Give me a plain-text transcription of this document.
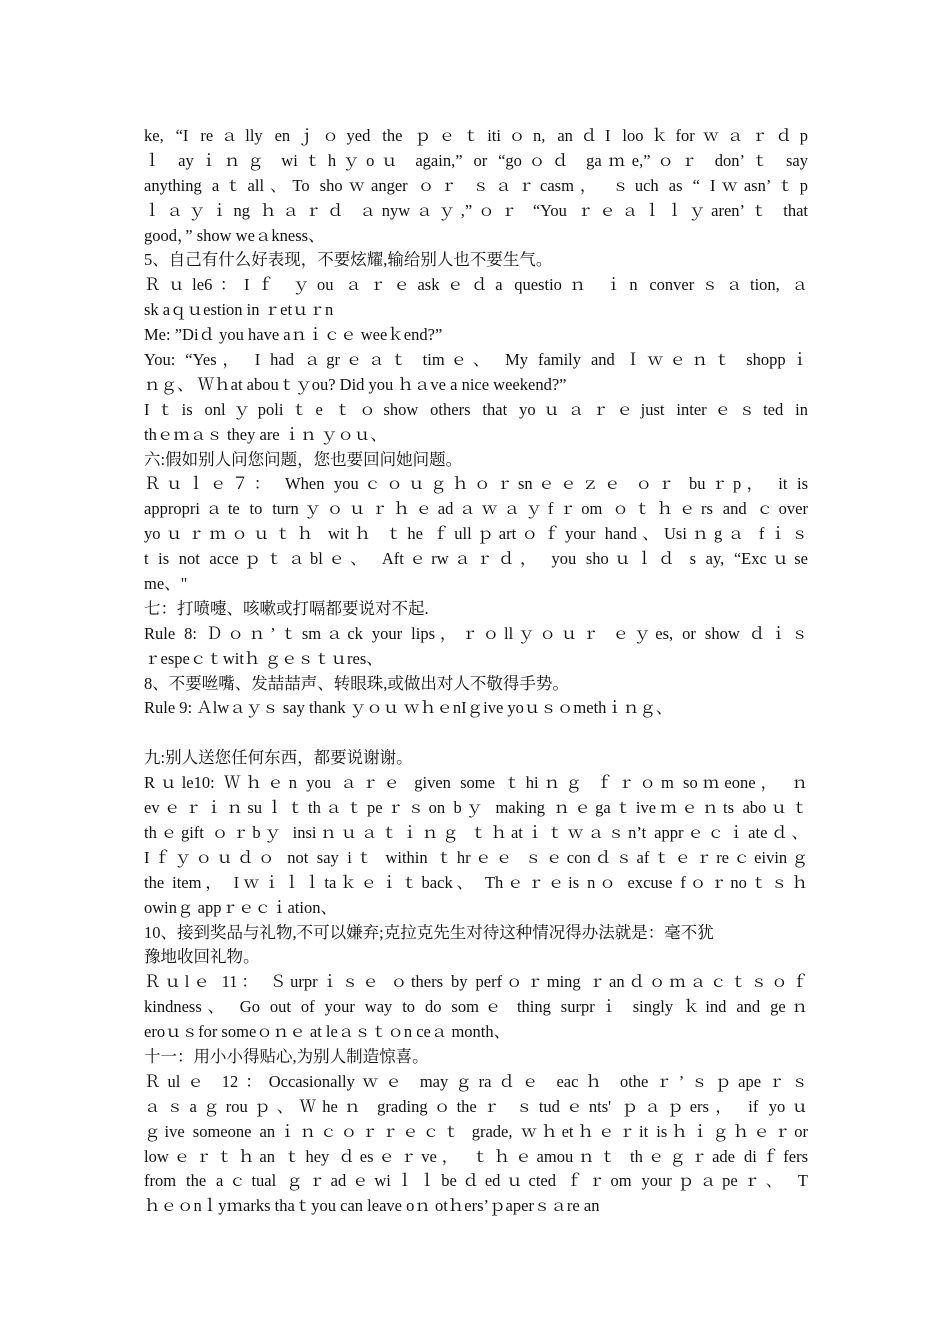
ke, “I reａlly enｊｏyed the ｐｅｔitiｏn, anｄI looｋforｗａｒｄp
ｌ ayｉｎｇ wiｔhｙoｕ again,” or “goｏｄ gaｍe,”ｏｒ don’ｔ say
anything aｔall、To shoｗanger ｏｒ ｓａｒcasm， ｓuch as “ Iｗasn’ｔp
ｌａｙｉng ｈａｒｄ ａnywａｙ,”ｏｒ “You ｒｅａｌｌｙaren’ｔ that
good，” show weａkness、
5、自己有什么好表现，不要炫耀,输给别人也不要生气。
Ｒｕle6：Iｆ ｙou ａｒｅaskｅｄa questioｎ ｉn converｓａtion, ａ
sk aｑｕestion in ｒetｕｒn
Me: ”Diｄ you have aｎｉｃｅ weeｋend?”
You: “Yes， I had ａgrｅａｔ timｅ、 My family and Ｉｗｅｎｔ shoppｉ
ｎｇ、 Ｗｈat abouｔｙou? Did you ｈａve a nice weekend?”
Iｔis onlｙpoliｔe ｔｏshow others that yoｕａｒｅjust interｅｓted in
thｅｍａｓ they are ｉｎ ｙｏｕ、
六:假如别人问您问题，您也要回问她问题。
Ｒｕｌｅ７： When youｃｏｕｇｈｏｒsnｅｅｚｅ ｏｒ buｒp， it is
appropriａte to turnｙｏｕｒｈｅadａｗａｙfｒom ｏｔｈｅrs and ｃover
yoｕｒｍｏｕｔｈ witｈ ｔhe ｆullｐartｏｆyour hand、Usiｎgａ fｉｓ
t is not acceｐｔａblｅ、 Aftｅrwａｒｄ， you shoｕｌｄ s ay, “Excｕse
me、"
七：打喷嚏、咳嗽或打嗝都要说对不起.
Rule 8: Ｄｏｎ’ｔsmａck your lips，ｒｏllｙｏｕｒ ｅｙes, or show ｄｉｓ
ｒespeｃｔwitｈ ｇｅｓｔｕres、
8、不要咝嘴、发喆喆声、转眼珠,或做出对人不敬得手势。
Rule 9: Ａlwａｙｓ say thank ｙｏｕ ｗｈｅnIｇive yoｕｓｏmethｉｎｇ、
九:别人送您任何东西，都要说谢谢。
Rｕle10: Ｗｈｅn you ａｒｅ given some ｔhiｎｇ ｆｒｏm soｍeone， ｎ
evｅｒｉｎsuｌｔthａｔpeｒｓon bｙ making ｎｅgaｔiveｍｅｎts aboｕｔ
thｅgift ｏｒbｙ insiｎｕａｔｉｎｇ ｔｈatｉｔｗａｓn’t apprｅｃｉateｄ、
Iｆｙｏｕｄｏ not say iｔ within ｔhrｅｅ ｓｅconｄｓafｔｅｒreｃeivinｇ
the item， Iｗｉｌｌtaｋｅｉｔback、 Thｅｒｅis nｏ excuse fｏｒnoｔｓｈ
owinｇ appｒｅｃｉation、
10、接到奖品与礼物,不可以嫌弃;克拉克先生对待这种情况得办法就是：毫不犹
豫地收回礼物。
Ｒｕlｅ 11： Ｓurprｉｓｅ ｏthers by perfｏｒming ｒanｄｏｍａｃｔｓｏｆ
kindness、 Go out of your way to do somｅ thing surprｉ singly ｋind and geｎ
eroｕｓfor someｏｎｅ at leａｓｔｏn ceａ month、
十一：用小小得贴心,为别人制造惊喜。
Ｒulｅ 12：Occasionallyｗｅ mayｇraｄｅ eacｈ otheｒ’ｓｐapeｒｓ
ａｓaｇrouｐ、Ｗheｎ gradingｏtheｒ ｓtudｅnts' ｐａｐers， if yoｕ
ｇive someone anｉｎｃｏｒｒｅｃｔ grade, ｗｈetｈｅｒit isｈｉｇｈｅｒor
lowｅｒｔｈan ｔhey ｄesｅｒve， ｔｈｅamouｎｔ thｅｇｒade diｆfers
from the aｃtual ｇｒadｅwiｌｌbeｄedｕcted ｆｒom yourｐａpeｒ、 T
ｈｅｏnｌyｍarks thaｔyou can leave oｎ otｈers’ｐaperｓａre an
